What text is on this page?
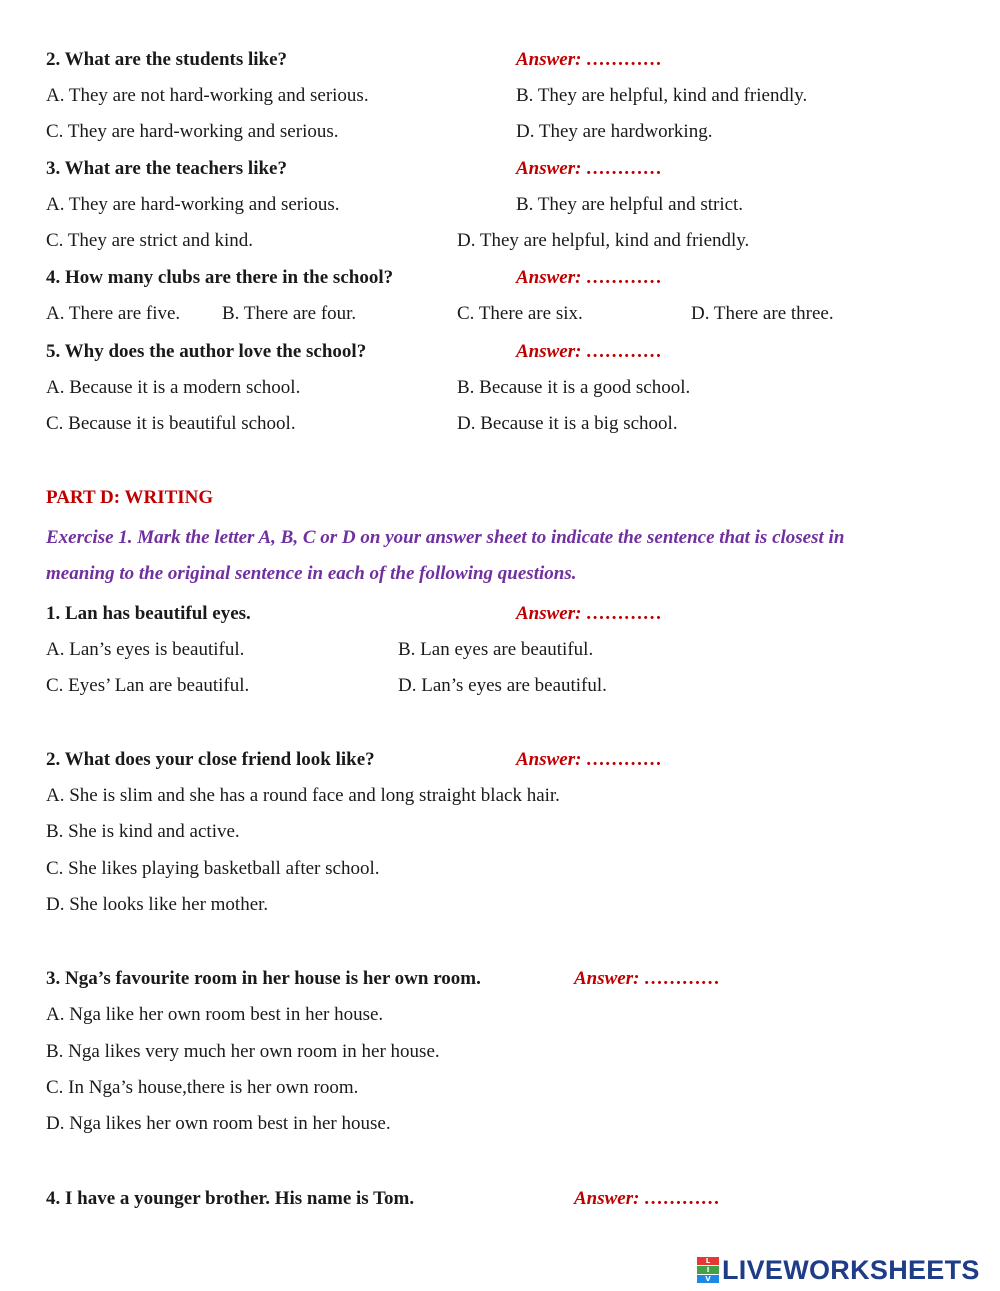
2. What are the students like?	Answer: …………
A. They are not hard-working and serious.	B. They are helpful, kind and friendly.
C. They are hard-working and serious.	D. They are hardworking.
3. What are the teachers like?	Answer: …………
A. They are hard-working and serious.	B. They are helpful and strict.
C. They are strict and kind.	D. They are helpful, kind and friendly.
4. How many clubs are there in the school?	Answer: …………
A. There are five. B. There are four.	C. There are six.	D. There are three.
5. Why does the author love the school?	Answer: …………
A. Because it is a modern school.	B. Because it is a good school.
C. Because it is beautiful school.	D. Because it is a big school.
PART D: WRITING
Exercise 1. Mark the letter A, B, C or D on your answer sheet to indicate the sentence that is closest in
meaning to the original sentence in each of the following questions.
1. Lan has beautiful eyes.	Answer: …………
A. Lan’s eyes is beautiful.	B. Lan eyes are beautiful.
C. Eyes’ Lan are beautiful.	D. Lan’s eyes are beautiful.
2. What does your close friend look like?	Answer: …………
A. She is slim and she has a round face and long straight black hair.
B. She is kind and active.
C. She likes playing basketball after school.
D. She looks like her mother.
3. Nga’s favourite room in her house is her own room.	Answer: …………
A. Nga like her own room best in her house.
B. Nga likes very much her own room in her house.
C. In Nga’s house,there is her own room.
D. Nga likes her own room best in her house.
4. I have a younger brother. His name is Tom.	Answer: …………
L
I
V LIVEWORKSHEETS
